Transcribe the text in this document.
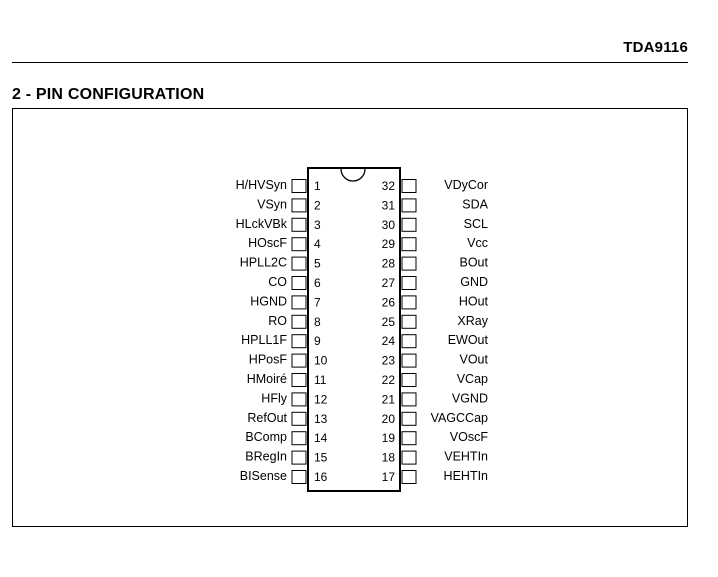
TDA9116
2 - PIN CONFIGURATION
H/HVSyn 1
VSyn 2
HLckVBk 3
HOscF 4
HPLL2C 5
CO 6
HGND 7
RO 8
HPLL1F 9
HPosF 10
HMoiré 11
HFly 12
RefOut 13
BComp 14
BRegIn 15
BISense 16
VDyCor
32
SDA
31
SCL
30
Vcc
29
BOut
28
GND
27
HOut
26
XRay
25
EWOut
24
VOut
23
VCap
22
VGND
21
VAGCCap
20
VOscF
19
VEHTIn
18
HEHTIn
17
